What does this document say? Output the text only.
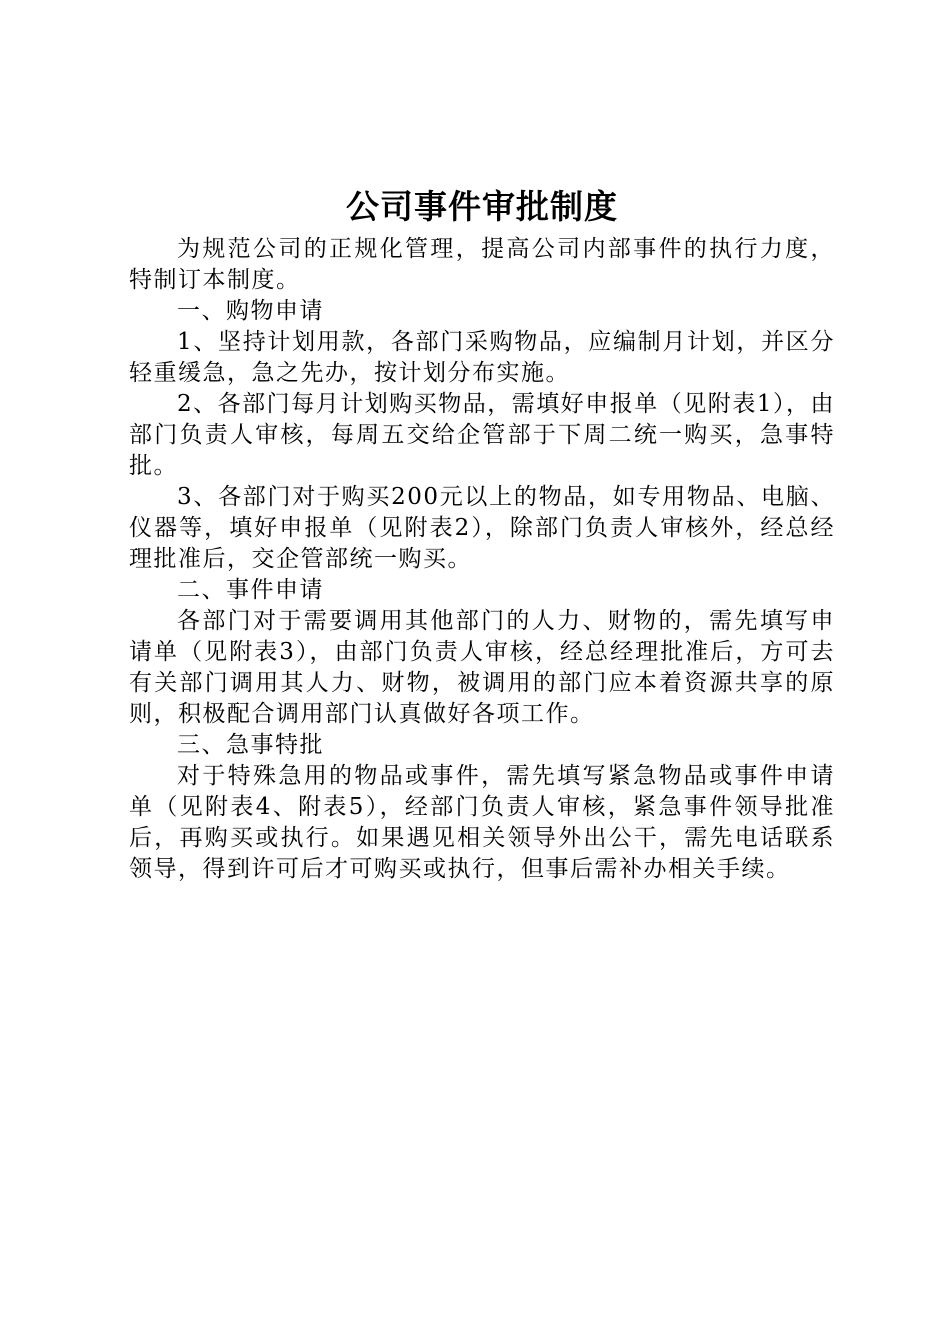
公司事件审批制度

为规范公司的正规化管理，提高公司内部事件的执行力度，特制订本制度。

一、购物申请

1、坚持计划用款，各部门采购物品，应编制月计划，并区分轻重缓急，急之先办，按计划分布实施。

2、各部门每月计划购买物品，需填好申报单（见附表1），由部门负责人审核，每周五交给企管部于下周二统一购买，急事特批。

3、各部门对于购买200元以上的物品，如专用物品、电脑、仪器等，填好申报单（见附表2），除部门负责人审核外，经总经理批准后，交企管部统一购买。

二、事件申请

各部门对于需要调用其他部门的人力、财物的，需先填写申请单（见附表3），由部门负责人审核，经总经理批准后，方可去有关部门调用其人力、财物，被调用的部门应本着资源共享的原则，积极配合调用部门认真做好各项工作。

三、急事特批

对于特殊急用的物品或事件，需先填写紧急物品或事件申请单（见附表4、附表5），经部门负责人审核，紧急事件领导批准后，再购买或执行。如果遇见相关领导外出公干，需先电话联系领导，得到许可后才可购买或执行，但事后需补办相关手续。
